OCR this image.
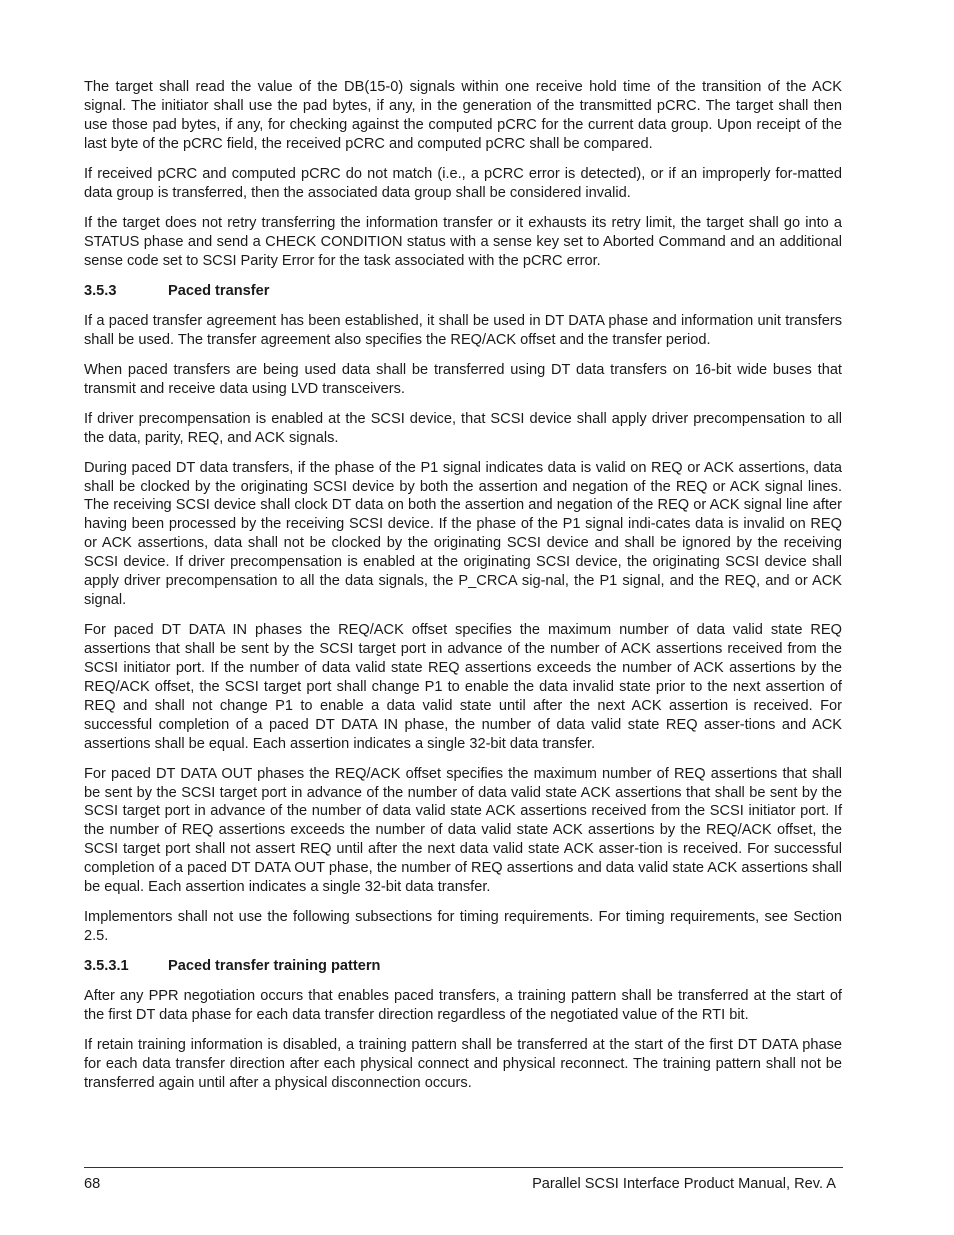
The target shall read the value of the DB(15-0) signals within one receive hold time of the transition of the ACK signal. The initiator shall use the pad bytes, if any, in the generation of the transmitted pCRC. The target shall then use those pad bytes, if any, for checking against the computed pCRC for the current data group. Upon receipt of the last byte of the pCRC field, the received pCRC and computed pCRC shall be compared.

If received pCRC and computed pCRC do not match (i.e., a pCRC error is detected), or if an improperly for-matted data group is transferred, then the associated data group shall be considered invalid.

If the target does not retry transferring the information transfer or it exhausts its retry limit, the target shall go into a STATUS phase and send a CHECK CONDITION status with a sense key set to Aborted Command and an additional sense code set to SCSI Parity Error for the task associated with the pCRC error.

3.5.3	Paced transfer

If a paced transfer agreement has been established, it shall be used in DT DATA phase and information unit transfers shall be used. The transfer agreement also specifies the REQ/ACK offset and the transfer period.

When paced transfers are being used data shall be transferred using DT data transfers on 16-bit wide buses that transmit and receive data using LVD transceivers.

If driver precompensation is enabled at the SCSI device, that SCSI device shall apply driver precompensation to all the data, parity, REQ, and ACK signals.

During paced DT data transfers, if the phase of the P1 signal indicates data is valid on REQ or ACK assertions, data shall be clocked by the originating SCSI device by both the assertion and negation of the REQ or ACK signal lines. The receiving SCSI device shall clock DT data on both the assertion and negation of the REQ or ACK signal line after having been processed by the receiving SCSI device. If the phase of the P1 signal indi-cates data is invalid on REQ or ACK assertions, data shall not be clocked by the originating SCSI device and shall be ignored by the receiving SCSI device. If driver precompensation is enabled at the originating SCSI device, the originating SCSI device shall apply driver precompensation to all the data signals, the P_CRCA sig-nal, the P1 signal, and the REQ, and or ACK signal.

For paced DT DATA IN phases the REQ/ACK offset specifies the maximum number of data valid state REQ assertions that shall be sent by the SCSI target port in advance of the number of ACK assertions received from the SCSI initiator port. If the number of data valid state REQ assertions exceeds the number of ACK assertions by the REQ/ACK offset, the SCSI target port shall change P1 to enable the data invalid state prior to the next assertion of REQ and shall not change P1 to enable a data valid state until after the next ACK assertion is received. For successful completion of a paced DT DATA IN phase, the number of data valid state REQ asser-tions and ACK assertions shall be equal. Each assertion indicates a single 32-bit data transfer.

For paced DT DATA OUT phases the REQ/ACK offset specifies the maximum number of REQ assertions that shall be sent by the SCSI target port in advance of the number of data valid state ACK assertions that shall be sent by the SCSI target port in advance of the number of data valid state ACK assertions received from the SCSI initiator port. If the number of REQ assertions exceeds the number of data valid state ACK assertions by the REQ/ACK offset, the SCSI target port shall not assert REQ until after the next data valid state ACK asser-tion is received. For successful completion of a paced DT DATA OUT phase, the number of REQ assertions and data valid state ACK assertions shall be equal. Each assertion indicates a single 32-bit data transfer.

Implementors shall not use the following subsections for timing requirements. For timing requirements, see Section 2.5.

3.5.3.1	Paced transfer training pattern

After any PPR negotiation occurs that enables paced transfers, a training pattern shall be transferred at the start of the first DT data phase for each data transfer direction regardless of the negotiated value of the RTI bit.

If retain training information is disabled, a training pattern shall be transferred at the start of the first DT DATA phase for each data transfer direction after each physical connect and physical reconnect. The training pattern shall not be transferred again until after a physical disconnection occurs.

68	Parallel SCSI Interface Product Manual, Rev. A
